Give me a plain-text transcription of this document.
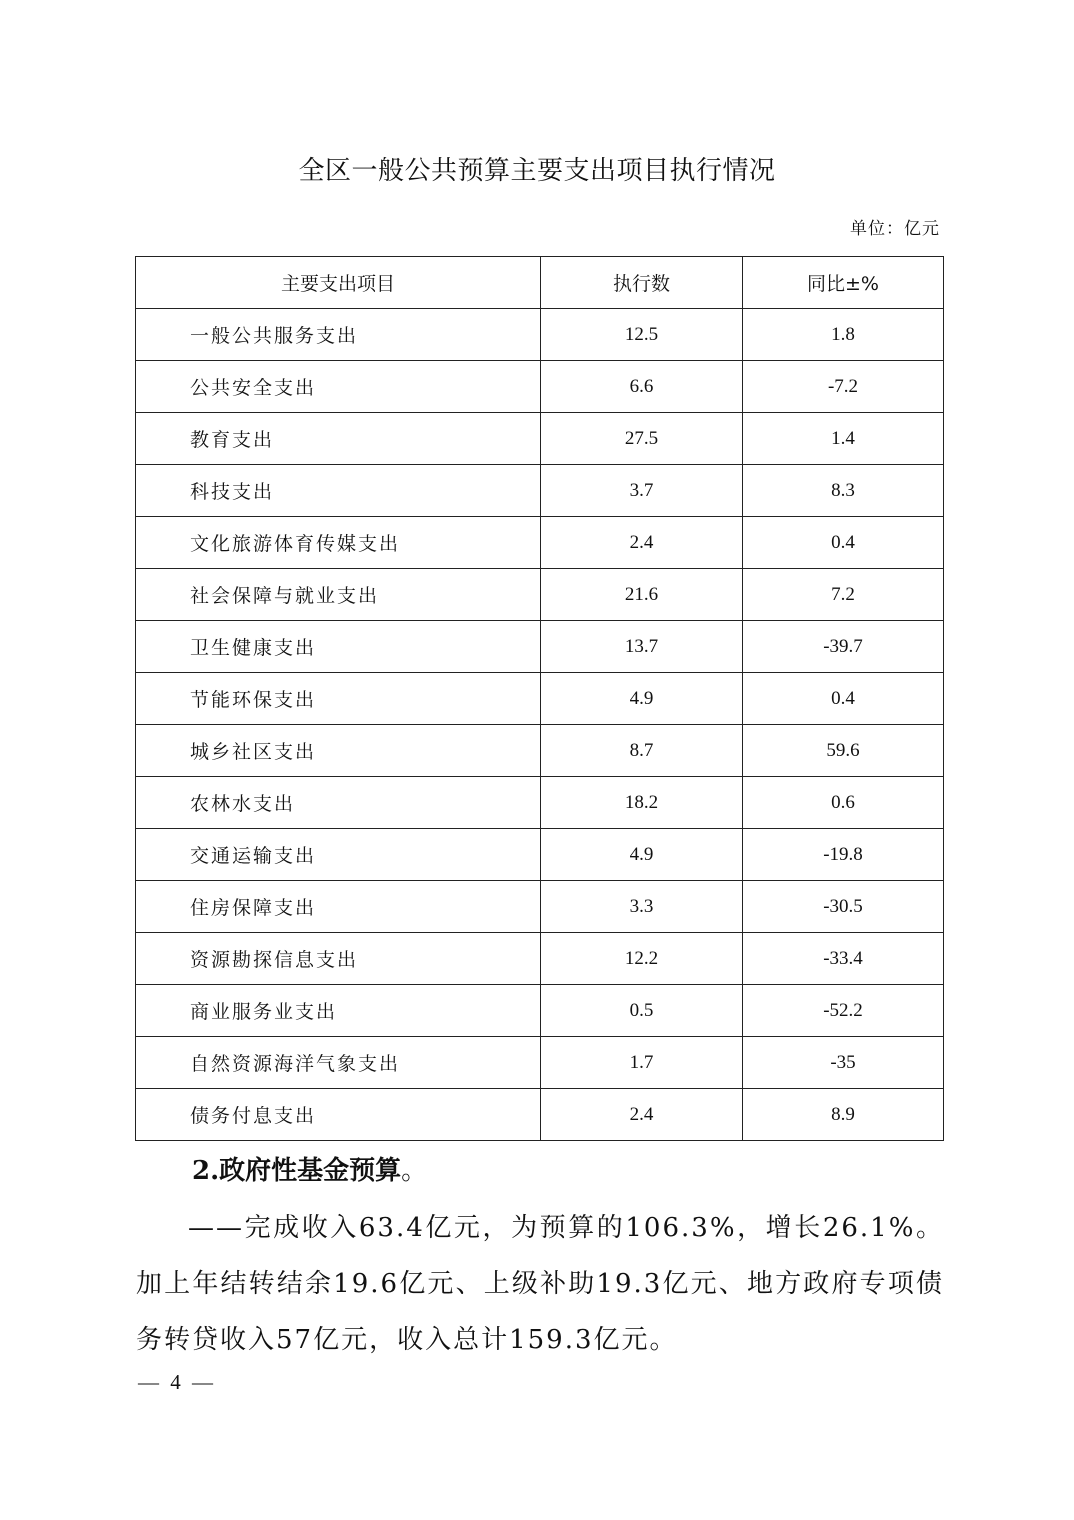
全区一般公共预算主要支出项目执行情况
单位：亿元
主要支出项目	执行数	同比±%
一般公共服务支出	12.5	1.8
公共安全支出	6.6	-7.2
教育支出	27.5	1.4
科技支出	3.7	8.3
文化旅游体育传媒支出	2.4	0.4
社会保障与就业支出	21.6	7.2
卫生健康支出	13.7	-39.7
节能环保支出	4.9	0.4
城乡社区支出	8.7	59.6
农林水支出	18.2	0.6
交通运输支出	4.9	-19.8
住房保障支出	3.3	-30.5
资源勘探信息支出	12.2	-33.4
商业服务业支出	0.5	-52.2
自然资源海洋气象支出	1.7	-35
债务付息支出	2.4	8.9
2.政府性基金预算。
——完成收入63.4亿元，为预算的106.3%，增长26.1%。加上年结转结余19.6亿元、上级补助19.3亿元、地方政府专项债务转贷收入57亿元，收入总计159.3亿元。
— 4 —
